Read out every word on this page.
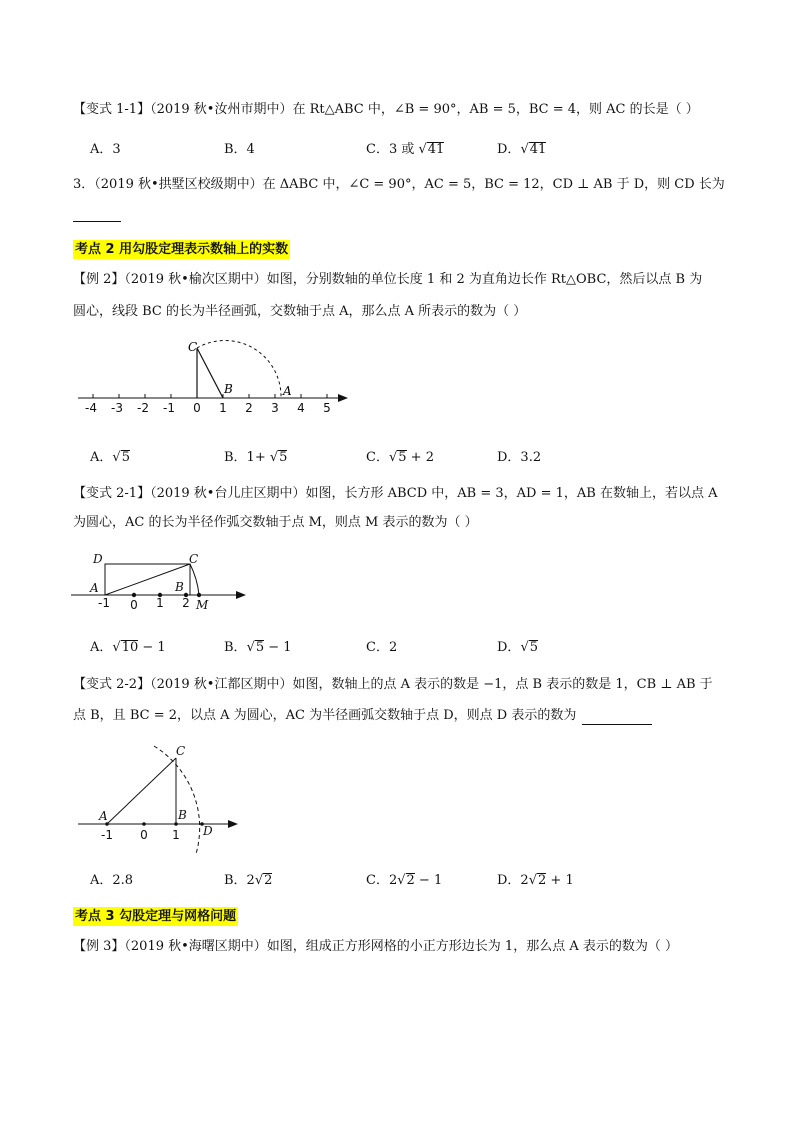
【变式 1-1】（2019 秋•汝州市期中）在 Rt△ABC 中，∠B = 90°，AB = 5，BC = 4，则 AC 的长是（ ）
A．3	B．4	C．3 或 √41	D．√41
3．（2019 秋•拱墅区校级期中）在 ΔABC 中，∠C = 90°，AC = 5，BC = 12，CD ⊥ AB 于 D，则 CD 长为
考点 2 用勾股定理表示数轴上的实数
【例 2】（2019 秋•榆次区期中）如图，分别数轴的单位长度 1 和 2 为直角边长作 Rt△OBC，然后以点 B 为
圆心，线段 BC 的长为半径画弧，交数轴于点 A，那么点 A 所表示的数为（ ）
-4 -3 -2 -1 0 1 2 3 4 5
C
B	A
A．√5	B．1+ √5	C．√5 + 2	D．3.2
【变式 2-1】（2019 秋•台儿庄区期中）如图，长方形 ABCD 中，AB = 3，AD = 1，AB 在数轴上，若以点 A
为圆心，AC 的长为半径作弧交数轴于点 M，则点 M 表示的数为（ ）
D	C
A	B
M
-1 0 1 2
A．√10 − 1	B．√5 − 1	C．2	D．√5
【变式 2-2】（2019 秋•江都区期中）如图，数轴上的点 A 表示的数是 −1，点 B 表示的数是 1，CB ⊥ AB 于
点 B，且 BC = 2，以点 A 为圆心，AC 为半径画弧交数轴于点 D，则点 D 表示的数为
C
A	B
D
-1 0 1
A．2.8	B．2√2	C．2√2 − 1	D．2√2 + 1
考点 3 勾股定理与网格问题
【例 3】（2019 秋•海曙区期中）如图，组成正方形网格的小正方形边长为 1，那么点 A 表示的数为（ ）
